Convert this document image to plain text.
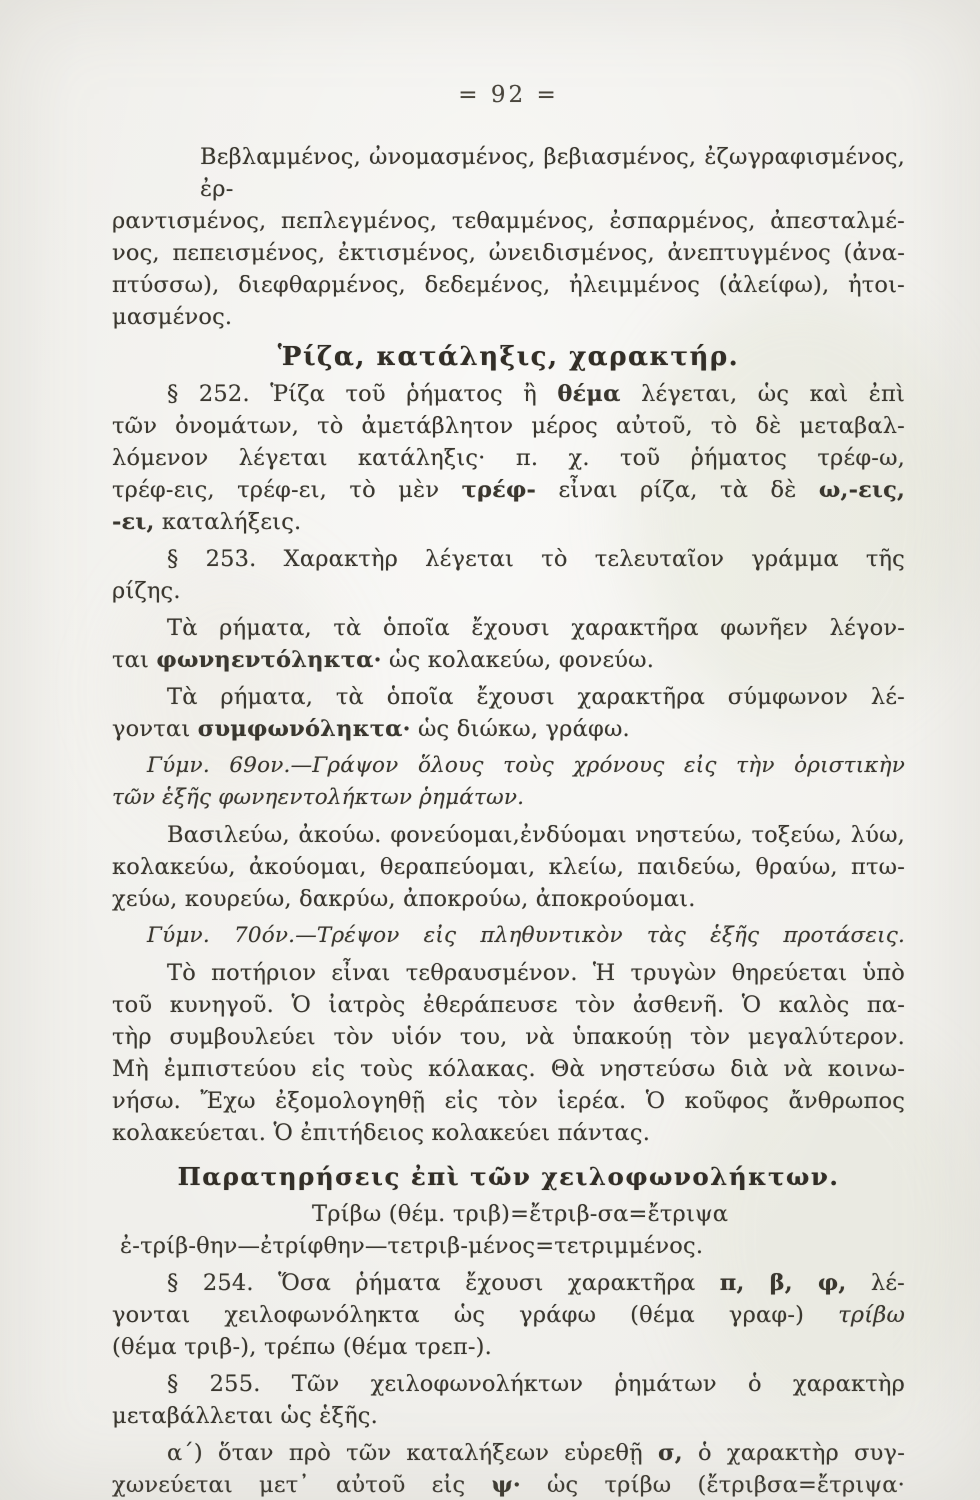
= 92 =
Βεβλαμμένος, ὠνομασμένος, βεβιασμένος, ἐζωγραφισμένος, ἐρ-
ραντισμένος, πεπλεγμένος, τεθαμμένος, ἐσπαρμένος, ἀπεσταλμέ-
νος, πεπεισμένος, ἐκτισμένος, ὠνειδισμένος, ἀνεπτυγμένος (ἀνα-
πτύσσω), διεφθαρμένος, δεδεμένος, ἠλειμμένος (ἀλείφω), ἠτοι-
μασμένος.
Ῥίζα, κατάληξις, χαρακτήρ.
§ 252. Ῥίζα τοῦ ῥήματος ἢ θέμα λέγεται, ὡς καὶ ἐπὶ
τῶν ὀνομάτων, τὸ ἀμετάβλητον μέρος αὐτοῦ, τὸ δὲ μεταβαλ-
λόμενον λέγεται κατάληξις· π. χ. τοῦ ῥήματος τρέφ-ω,
τρέφ-εις, τρέφ-ει, τὸ μὲν τρέφ- εἶναι ρίζα, τὰ δὲ ω,-εις,
-ει, καταλήξεις.
§ 253. Χαρακτὴρ λέγεται τὸ τελευταῖον γράμμα τῆς
ρίζης.
Τὰ ρήματα, τὰ ὁποῖα ἔχουσι χαρακτῆρα φωνῆεν λέγον-
ται φωνηεντόληκτα· ὡς κολακεύω, φονεύω.
Τὰ ρήματα, τὰ ὁποῖα ἔχουσι χαρακτῆρα σύμφωνον λέ-
γονται συμφωνόληκτα· ὡς διώκω, γράφω.
Γύμν. 69ον.—Γράψον ὅλους τοὺς χρόνους εἰς τὴν ὁριστικὴν
τῶν ἑξῆς φωνηεντολήκτων ῥημάτων.
Βασιλεύω, ἀκούω. φονεύομαι,ἐνδύομαι νηστεύω, τοξεύω, λύω,
κολακεύω, ἀκούομαι, θεραπεύομαι, κλείω, παιδεύω, θραύω, πτω-
χεύω, κουρεύω, δακρύω, ἀποκρούω, ἀποκρούομαι.
Γύμν. 70όν.—Τρέψον εἰς πληθυντικὸν τὰς ἑξῆς προτάσεις.
Τὸ ποτήριον εἶναι τεθραυσμένον. Ἡ τρυγὼν θηρεύεται ὑπὸ
τοῦ κυνηγοῦ. Ὁ ἰατρὸς ἐθεράπευσε τὸν ἀσθενῆ. Ὁ καλὸς πα-
τὴρ συμβουλεύει τὸν υἱόν του, νὰ ὑπακούῃ τὸν μεγαλύτερον.
Μὴ ἐμπιστεύου εἰς τοὺς κόλακας. Θὰ νηστεύσω διὰ νὰ κοινω-
νήσω. Ἔχω ἐξομολογηθῇ εἰς τὸν ἱερέα. Ὁ κοῦφος ἄνθρωπος
κολακεύεται. Ὁ ἐπιτήδειος κολακεύει πάντας.
Παρατηρήσεις ἐπὶ τῶν χειλοφωνολήκτων.
Τρίβω (θέμ. τριβ)=ἔτριβ-σα=ἔτριψα
ἐ-τρίβ-θην—ἐτρίφθην—τετριβ-μένος=τετριμμένος.
§ 254. Ὅσα ῥήματα ἔχουσι χαρακτῆρα π, β, φ, λέ-
γονται χειλοφωνόληκτα ὡς γράφω (θέμα γραφ-) τρίβω
(θέμα τριβ-), τρέπω (θέμα τρεπ-).
§ 255. Τῶν χειλοφωνολήκτων ῥημάτων ὁ χαρακτὴρ
μεταβάλλεται ὡς ἑξῆς.
α΄) ὅταν πρὸ τῶν καταλήξεων εὑρεθῇ σ, ὁ χαρακτὴρ συγ-
χωνεύεται μετ᾽ αὐτοῦ εἰς ψ· ὡς τρίβω (ἔτριβσα=ἔτριψα·
